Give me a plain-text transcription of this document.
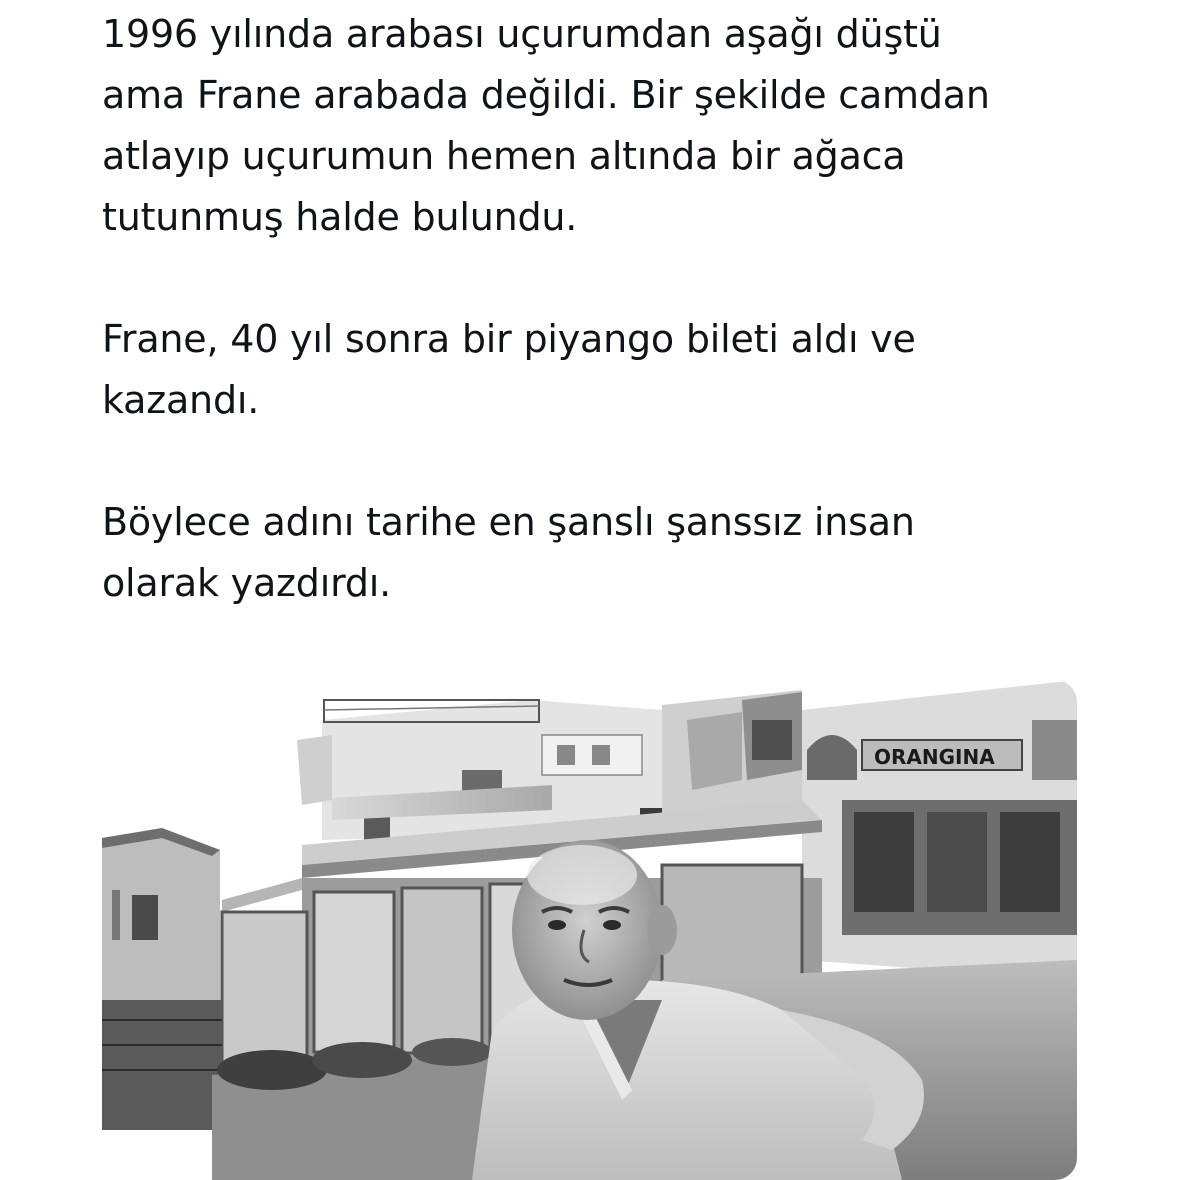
1996 yılında arabası uçurumdan aşağı düştü
ama Frane arabada değildi. Bir şekilde camdan
atlayıp uçurumun hemen altında bir ağaca
tutunmuş halde bulundu.
Frane, 40 yıl sonra bir piyango bileti aldı ve
kazandı.
Böylece adını tarihe en şanslı şanssız insan
olarak yazdırdı.
ORANGINA
